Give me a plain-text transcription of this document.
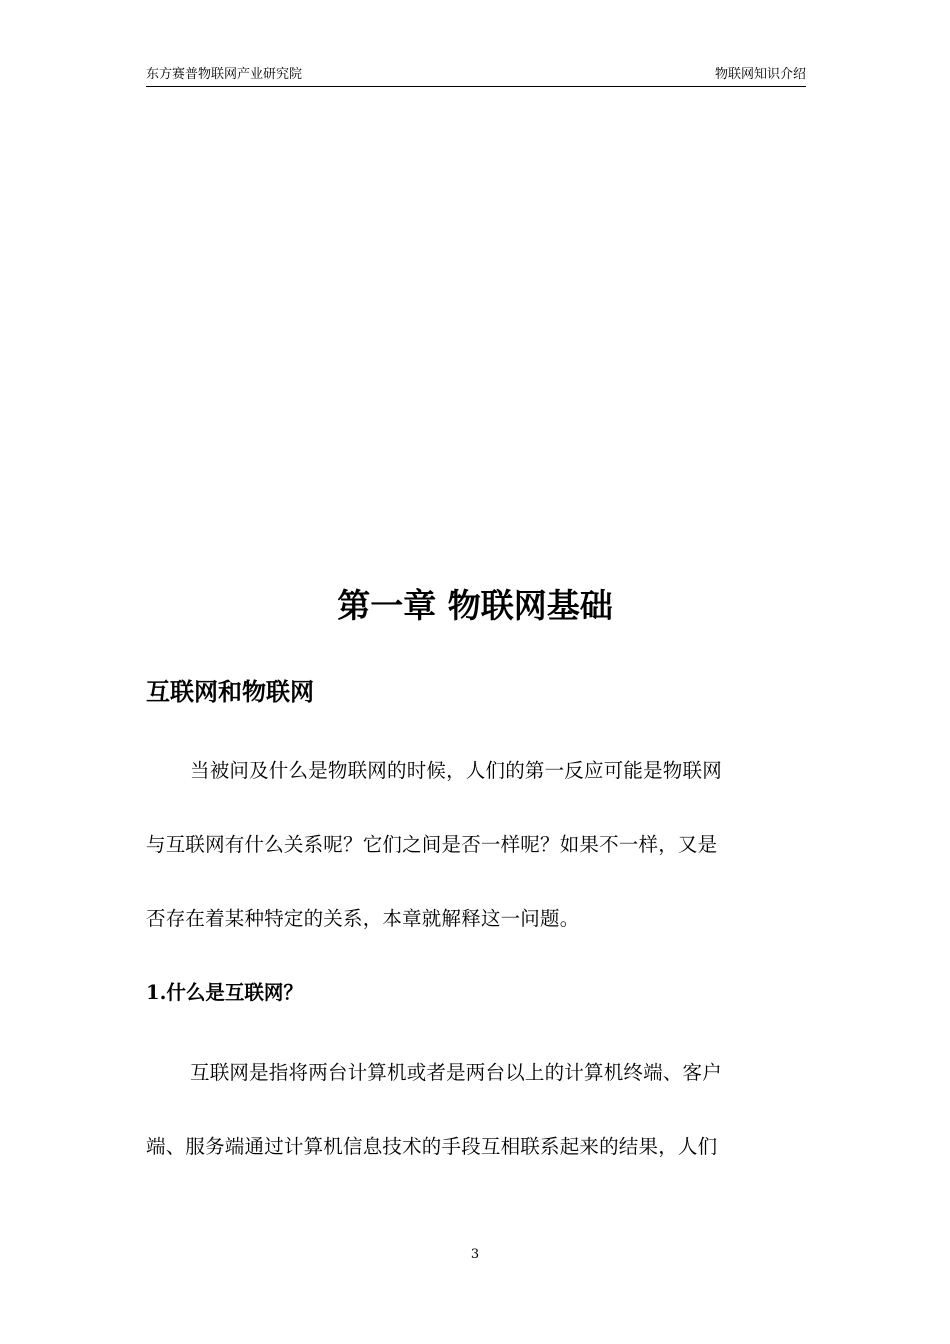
东方赛普物联网产业研究院	物联网知识介绍
第一章 物联网基础
互联网和物联网
当被问及什么是物联网的时候，人们的第一反应可能是物联网
与互联网有什么关系呢？它们之间是否一样呢？如果不一样，又是
否存在着某种特定的关系，本章就解释这一问题。
1.什么是互联网？
互联网是指将两台计算机或者是两台以上的计算机终端、客户
端、服务端通过计算机信息技术的手段互相联系起来的结果，人们
3
